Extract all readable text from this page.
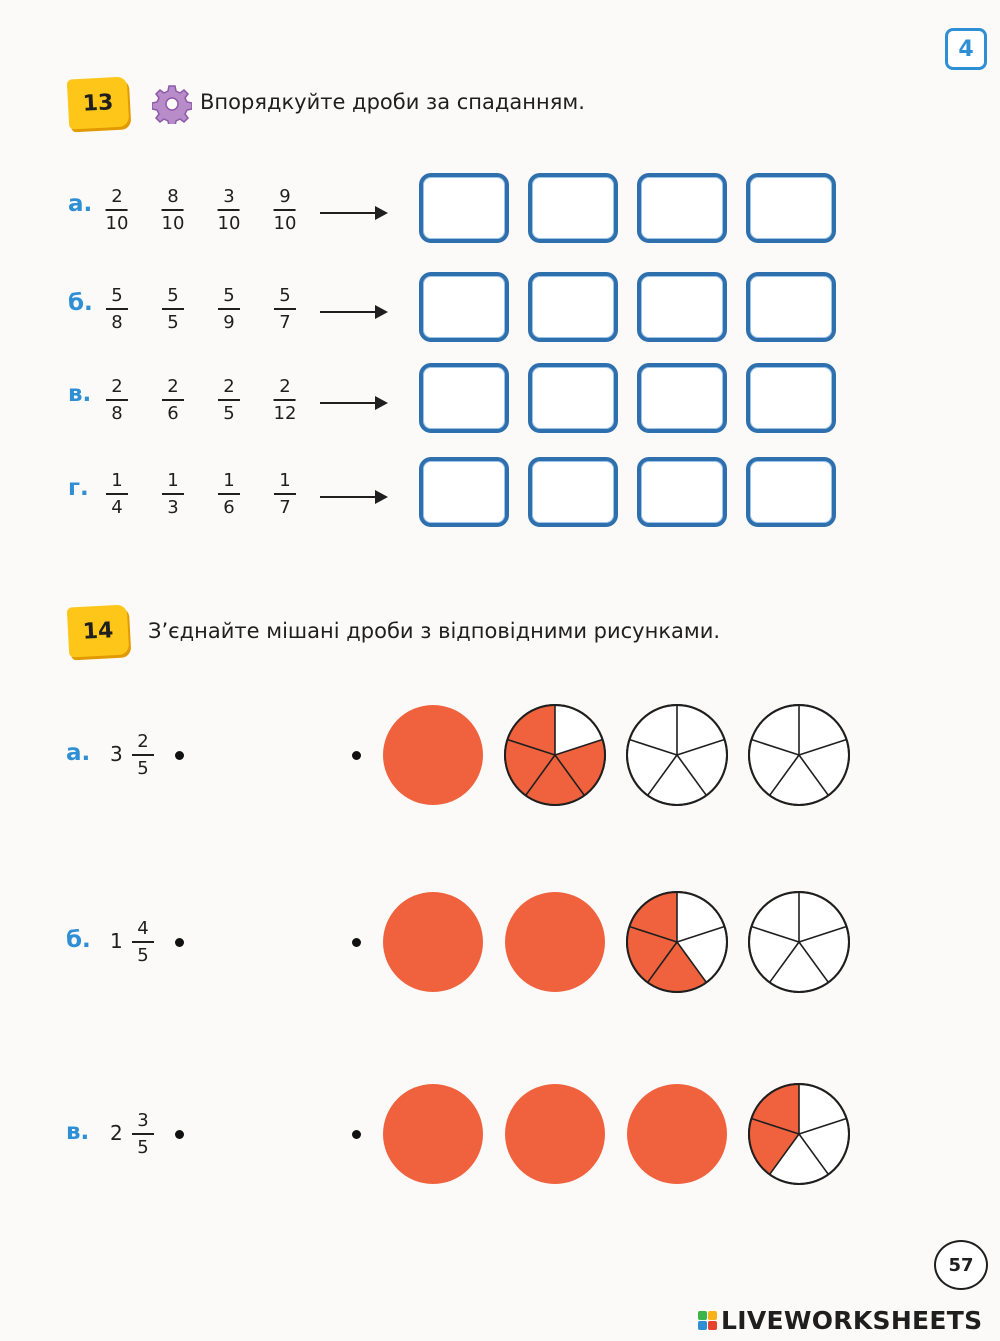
4
13	Впорядкуйте дроби за спаданням.
а. 2
10
8
10
3
10
9
10
б. 5
8
5
5
5
9
5
7
в. 2
8
2
6
2
5
2
12
г. 1
4
1
3
1
6
1
7
14	З’єднайте мішані дроби з відповідними рисунками.
а. 3
2
5
б. 1
4
5
в. 2
3
5
57
LIVEWORKSHEETS
